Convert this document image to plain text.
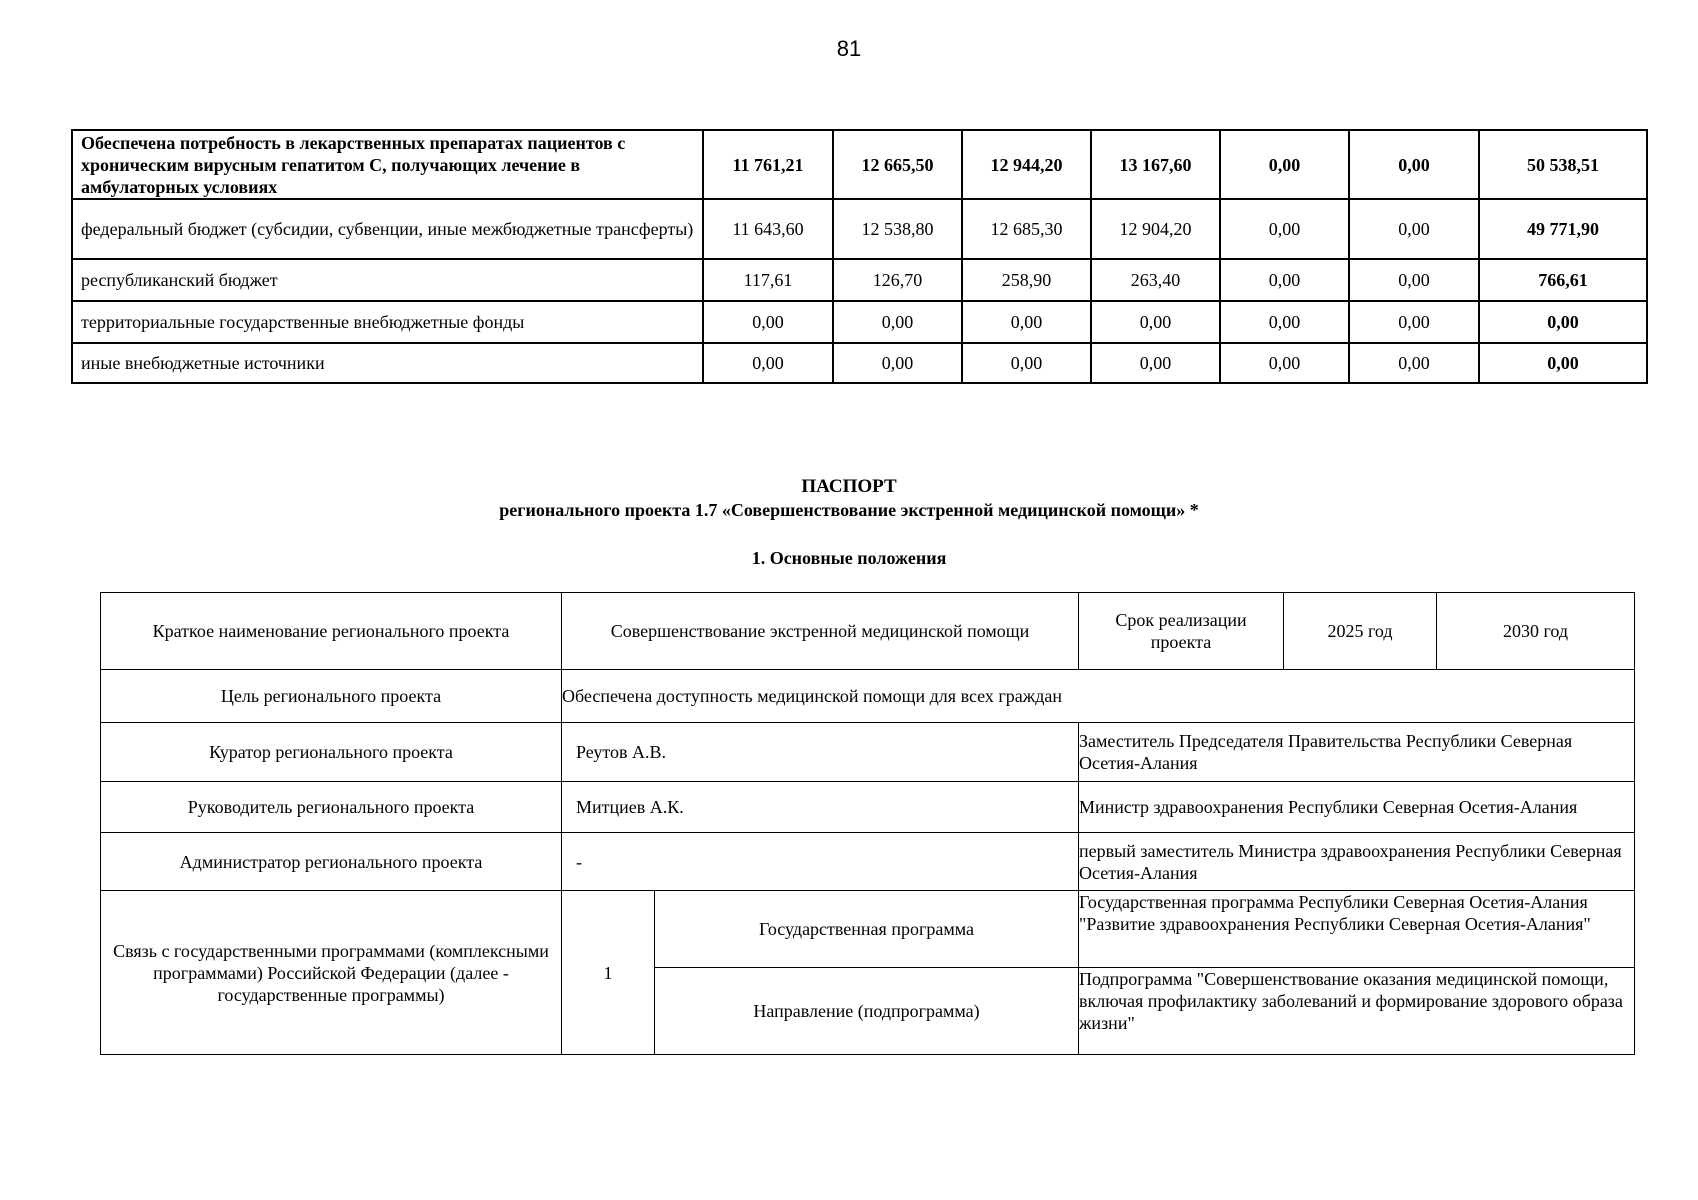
81
Обеспечена потребность в лекарственных препаратах пациентов с хроническим вирусным гепатитом С, получающих лечение в амбулаторных условиях	11 761,21	12 665,50	12 944,20	13 167,60	0,00	0,00	50 538,51
федеральный бюджет (субсидии, субвенции, иные межбюджетные трансферты)	11 643,60	12 538,80	12 685,30	12 904,20	0,00	0,00	49 771,90
республиканский бюджет	117,61	126,70	258,90	263,40	0,00	0,00	766,61
территориальные государственные внебюджетные фонды	0,00	0,00	0,00	0,00	0,00	0,00	0,00
иные внебюджетные источники	0,00	0,00	0,00	0,00	0,00	0,00	0,00
ПАСПОРТ
регионального проекта 1.7 «Совершенствование экстренной медицинской помощи» *
1. Основные положения
Краткое наименование регионального проекта	Совершенствование экстренной медицинской помощи		Срок реализации проекта	2025 год	2030 год
Цель регионального проекта	Обеспечена доступность медицинской помощи для всех граждан				
Куратор регионального проекта	Реутов А.В.		Заместитель Председателя Правительства Республики Северная Осетия-Алания		
Руководитель регионального проекта	Митциев А.К.		Министр здравоохранения Республики Северная Осетия-Алания		
Администратор регионального проекта	-		первый заместитель Министра здравоохранения Республики Северная Осетия-Алания		
Связь с государственными программами (комплексными программами) Российской Федерации (далее - государственные программы)	1	Государственная программа	Государственная программа Республики Северная Осетия-Алания "Развитие здравоохранения Республики Северная Осетия-Алания"		
		Направление (подпрограмма)	Подпрограмма "Совершенствование оказания медицинской помощи, включая профилактику заболеваний и формирование здорового образа жизни"		
